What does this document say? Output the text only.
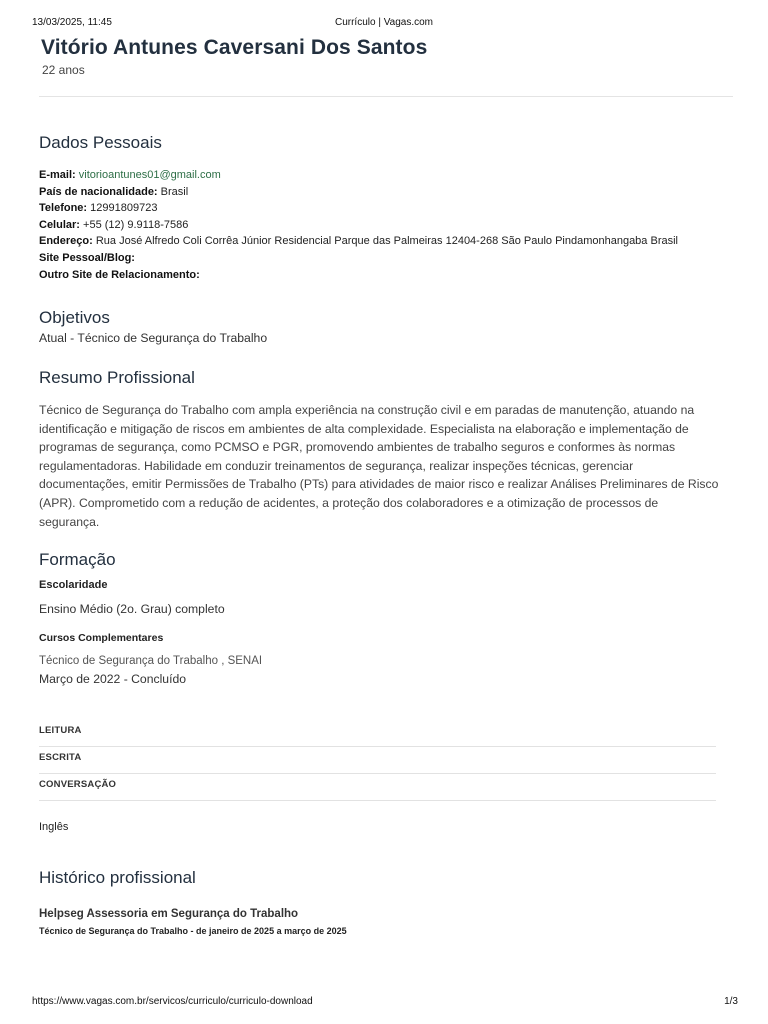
13/03/2025, 11:45	Currículo | Vagas.com
Vitório Antunes Caversani Dos Santos
22 anos
Dados Pessoais
E-mail: vitorioantunes01@gmail.com
País de nacionalidade: Brasil
Telefone: 12991809723
Celular: +55 (12) 9.9118-7586
Endereço: Rua José Alfredo Coli Corrêa Júnior Residencial Parque das Palmeiras 12404-268 São Paulo Pindamonhangaba Brasil
Site Pessoal/Blog:
Outro Site de Relacionamento:
Objetivos
Atual - Técnico de Segurança do Trabalho
Resumo Profissional
Técnico de Segurança do Trabalho com ampla experiência na construção civil e em paradas de manutenção, atuando na identificação e mitigação de riscos em ambientes de alta complexidade. Especialista na elaboração e implementação de programas de segurança, como PCMSO e PGR, promovendo ambientes de trabalho seguros e conformes às normas regulamentadoras. Habilidade em conduzir treinamentos de segurança, realizar inspeções técnicas, gerenciar documentações, emitir Permissões de Trabalho (PTs) para atividades de maior risco e realizar Análises Preliminares de Risco (APR). Comprometido com a redução de acidentes, a proteção dos colaboradores e a otimização de processos de segurança.
Formação
Escolaridade
Ensino Médio (2o. Grau) completo
Cursos Complementares
Técnico de Segurança do Trabalho , SENAI
Março de 2022 - Concluído
LEITURA
ESCRITA
CONVERSAÇÃO
Inglês
Histórico profissional
Helpseg Assessoria em Segurança do Trabalho
Técnico de Segurança do Trabalho - de janeiro de 2025 a março de 2025
https://www.vagas.com.br/servicos/curriculo/curriculo-download	1/3
